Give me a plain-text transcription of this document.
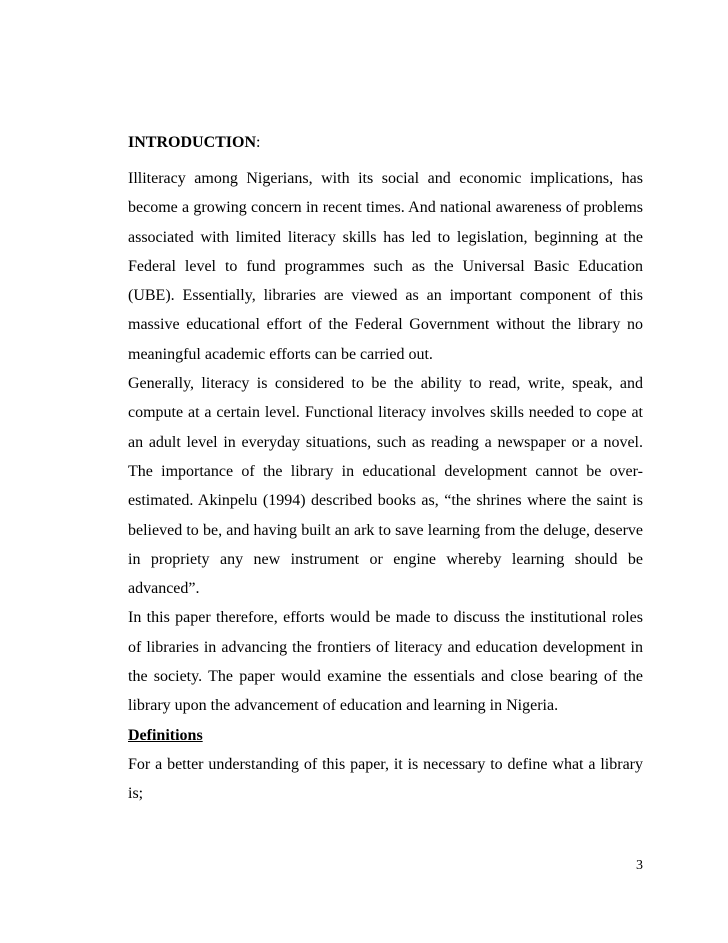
INTRODUCTION:

Illiteracy among Nigerians, with its social and economic implications, has become a growing concern in recent times. And national awareness of problems associated with limited literacy skills has led to legislation, beginning at the Federal level to fund programmes such as the Universal Basic Education (UBE). Essentially, libraries are viewed as an important component of this massive educational effort of the Federal Government without the library no meaningful academic efforts can be carried out.

Generally, literacy is considered to be the ability to read, write, speak, and compute at a certain level. Functional literacy involves skills needed to cope at an adult level in everyday situations, such as reading a newspaper or a novel. The importance of the library in educational development cannot be over-estimated. Akinpelu (1994) described books as, “the shrines where the saint is believed to be, and having built an ark to save learning from the deluge, deserve in propriety any new instrument or engine whereby learning should be advanced”.

In this paper therefore, efforts would be made to discuss the institutional roles of libraries in advancing the frontiers of literacy and education development in the society. The paper would examine the essentials and close bearing of the library upon the advancement of education and learning in Nigeria.

Definitions

For a better understanding of this paper, it is necessary to define what a library is;

3
